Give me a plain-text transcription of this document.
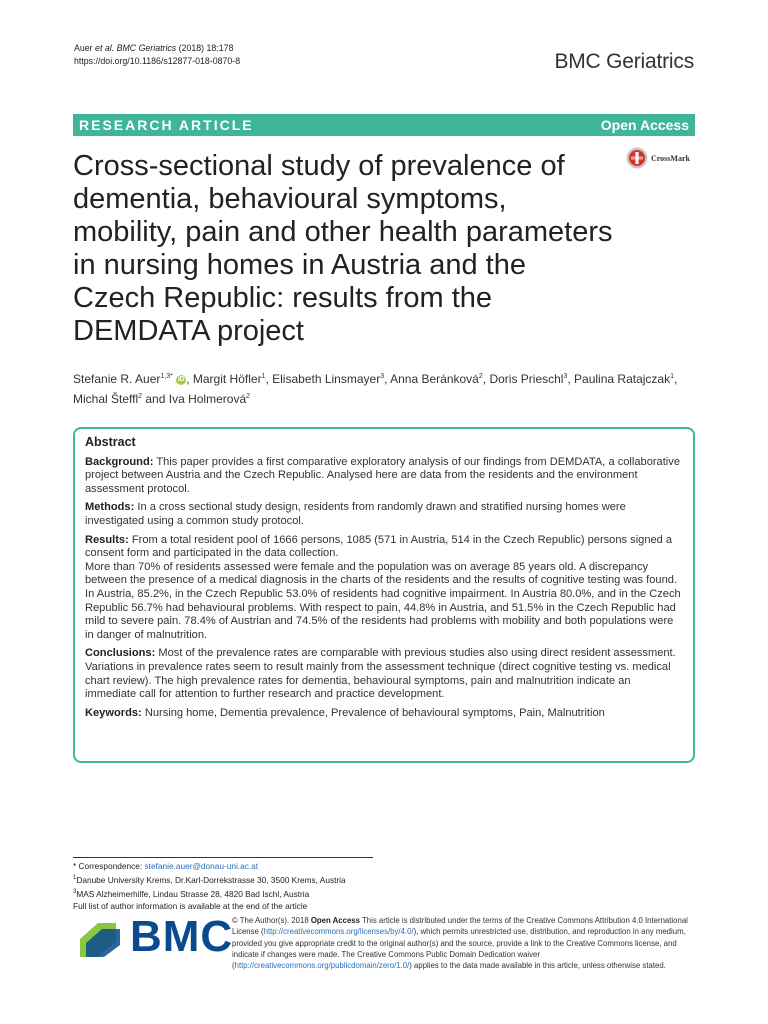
Auer et al. BMC Geriatrics (2018) 18:178
https://doi.org/10.1186/s12877-018-0870-8	BMC Geriatrics
RESEARCH ARTICLE	Open Access
CrossMark
Cross-sectional study of prevalence of dementia, behavioural symptoms, mobility, pain and other health parameters in nursing homes in Austria and the Czech Republic: results from the DEMDATA project
Stefanie R. Auer$^{1,3*}$ iD , Margit Höfler$^1$, Elisabeth Linsmayer$^3$, Anna Beránková$^2$, Doris Prieschl$^3$, Paulina Ratajczak$^1$,
Michal Šteffl$^2$ and Iva Holmerová$^2$
Abstract

Background: This paper provides a first comparative exploratory analysis of our findings from DEMDATA, a collaborative project between Austria and the Czech Republic. Analysed here are data from the residents and the environment assessment protocol.

Methods: In a cross sectional study design, residents from randomly drawn and stratified nursing homes were investigated using a common study protocol.

Results: From a total resident pool of 1666 persons, 1085 (571 in Austria, 514 in the Czech Republic) persons signed a consent form and participated in the data collection.

More than 70% of residents assessed were female and the population was on average 85 years old. A discrepancy between the presence of a medical diagnosis in the charts of the residents and the results of cognitive testing was found. In Austria, 85.2%, in the Czech Republic 53.0% of residents had cognitive impairment. In Austria 80.0%, and in the Czech Republic 56.7% had behavioural problems. With respect to pain, 44.8% in Austria, and 51.5% in the Czech Republic had mild to severe pain. 78.4% of Austrian and 74.5% of the residents had problems with mobility and both populations were in danger of malnutrition.

Conclusions: Most of the prevalence rates are comparable with previous studies also using direct resident assessment. Variations in prevalence rates seem to result mainly from the assessment technique (direct cognitive testing vs. medical chart review). The high prevalence rates for dementia, behavioural symptoms, pain and malnutrition indicate an immediate call for attention to further research and practice development.

Keywords: Nursing home, Dementia prevalence, Prevalence of behavioural symptoms, Pain, Malnutrition

* Correspondence: stefanie.auer@donau-uni.ac.at
$^1$Danube University Krems, Dr.Karl-Dorrekstrasse 30, 3500 Krems, Austria
$^3$MAS Alzheimerhilfe, Lindau Strasse 28, 4820 Bad Ischl, Austria
Full list of author information is available at the end of the article
BMC
© The Author(s). 2018 Open Access This article is distributed under the terms of the Creative Commons Attribution 4.0 International License (http://creativecommons.org/licenses/by/4.0/), which permits unrestricted use, distribution, and reproduction in any medium, provided you give appropriate credit to the original author(s) and the source, provide a link to the Creative Commons license, and indicate if changes were made. The Creative Commons Public Domain Dedication waiver (http://creativecommons.org/publicdomain/zero/1.0/) applies to the data made available in this article, unless otherwise stated.
